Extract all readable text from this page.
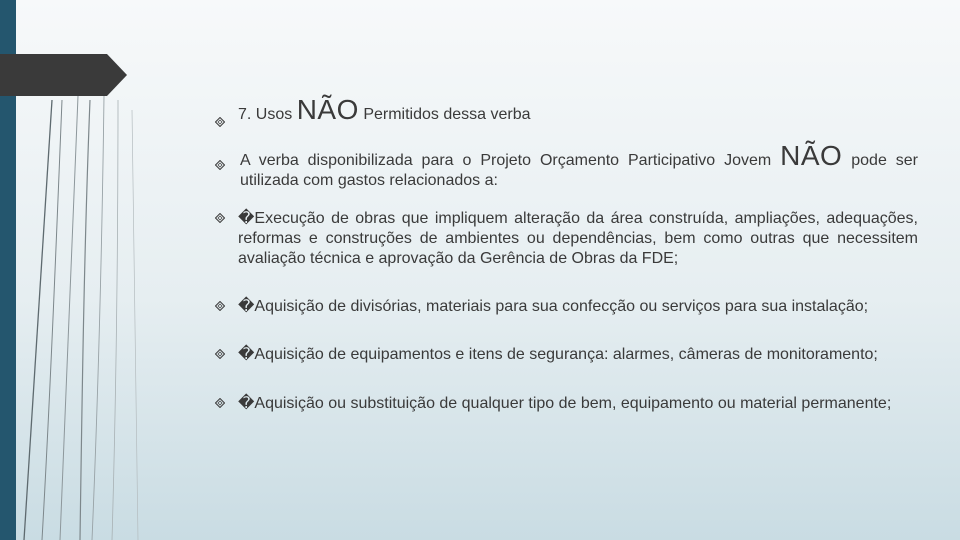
7. Usos NÃO Permitidos dessa verba
A verba disponibilizada para o Projeto Orçamento Participativo Jovem NÃO pode ser utilizada com gastos relacionados a:
�Execução de obras que impliquem alteração da área construída, ampliações, adequações, reformas e construções de ambientes ou dependências, bem como outras que necessitem avaliação técnica e aprovação da Gerência de Obras da FDE;
�Aquisição de divisórias, materiais para sua confecção ou serviços para sua instalação;
�Aquisição de equipamentos e itens de segurança: alarmes, câmeras de monitoramento;
�Aquisição ou substituição de qualquer tipo de bem, equipamento ou material permanente;
